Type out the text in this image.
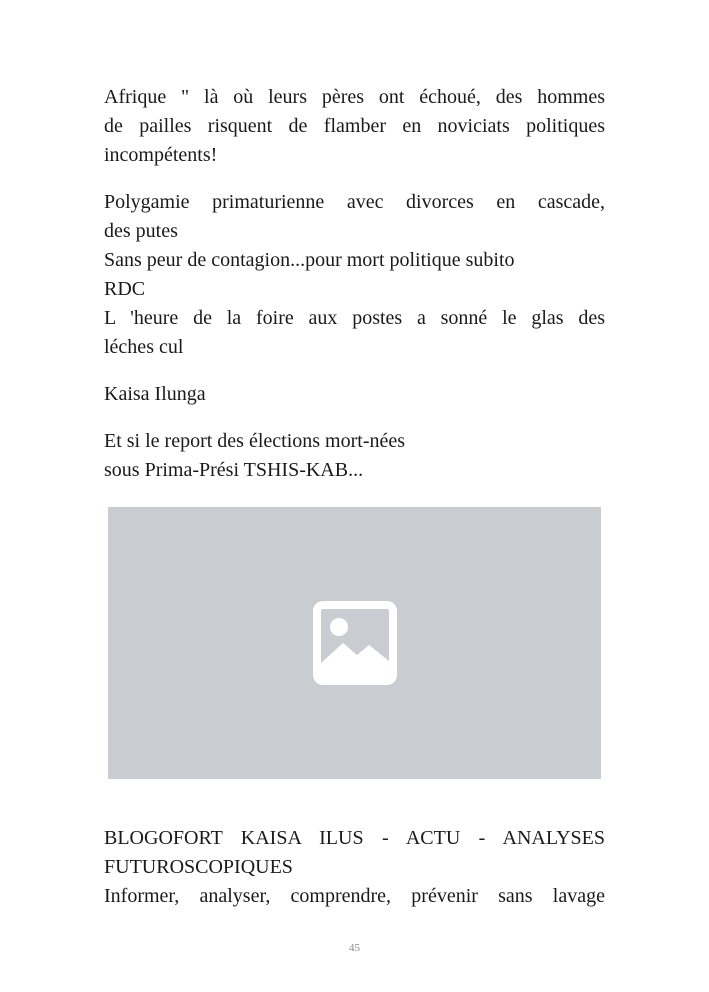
Afrique " là où leurs pères ont échoué, des hommes
de pailles risquent de flamber en noviciats politiques
incompétents!

Polygamie primaturienne avec divorces en cascade,
des putes
Sans peur de contagion...pour mort politique subito
RDC
L 'heure de la foire aux postes a sonné le glas des
léches cul

Kaisa Ilunga

Et si le report des élections mort-nées
sous Prima-Prési TSHIS-KAB...

BLOGOFORT KAISA ILUS - ACTU - ANALYSES
FUTUROSCOPIQUES
Informer, analyser, comprendre, prévenir sans lavage
45
